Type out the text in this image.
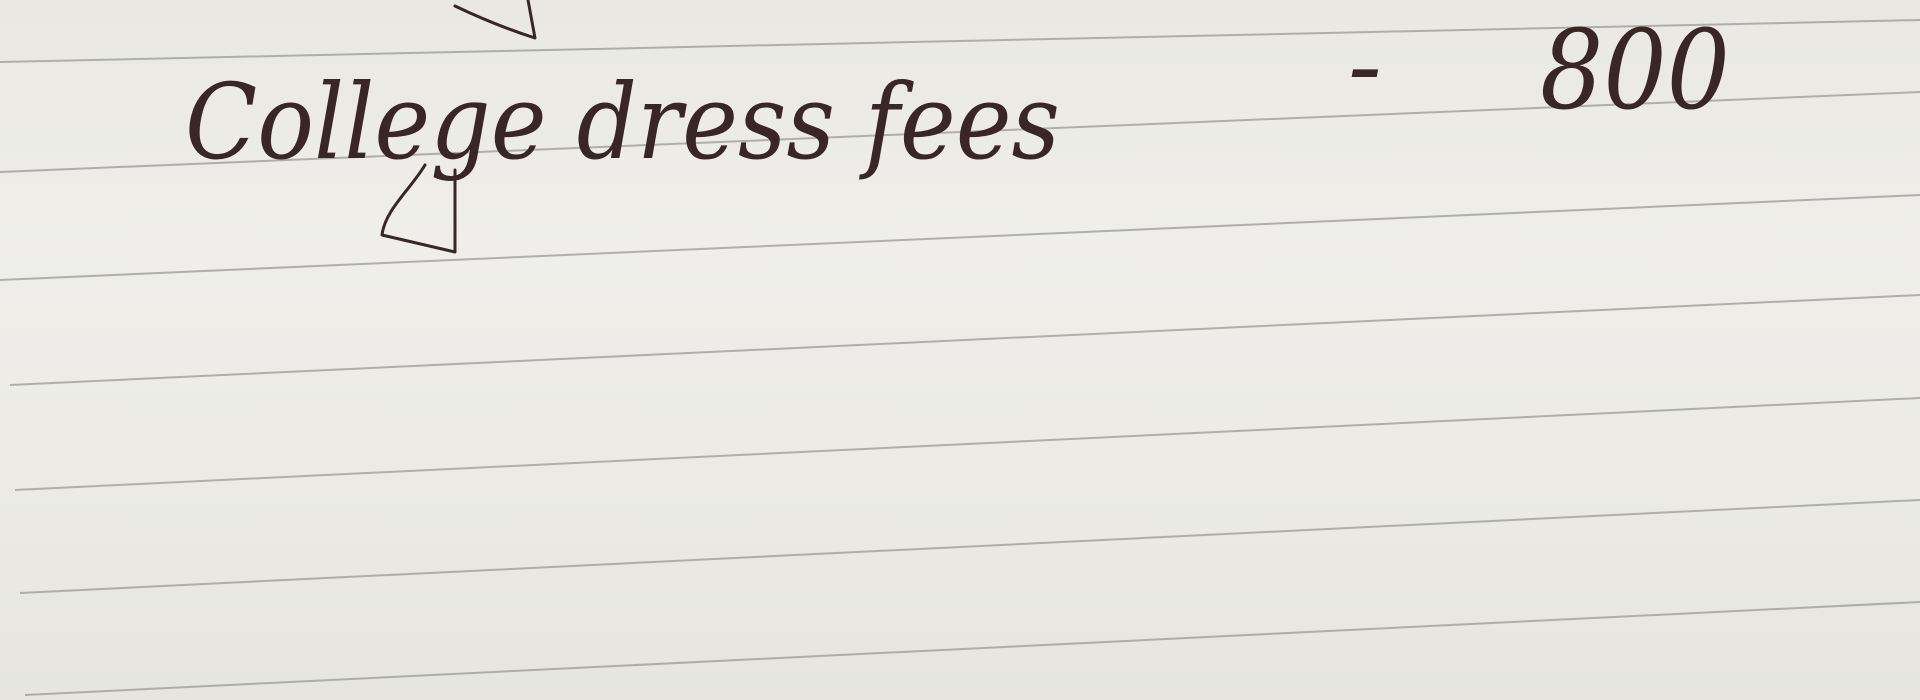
College dress fees	- 800
